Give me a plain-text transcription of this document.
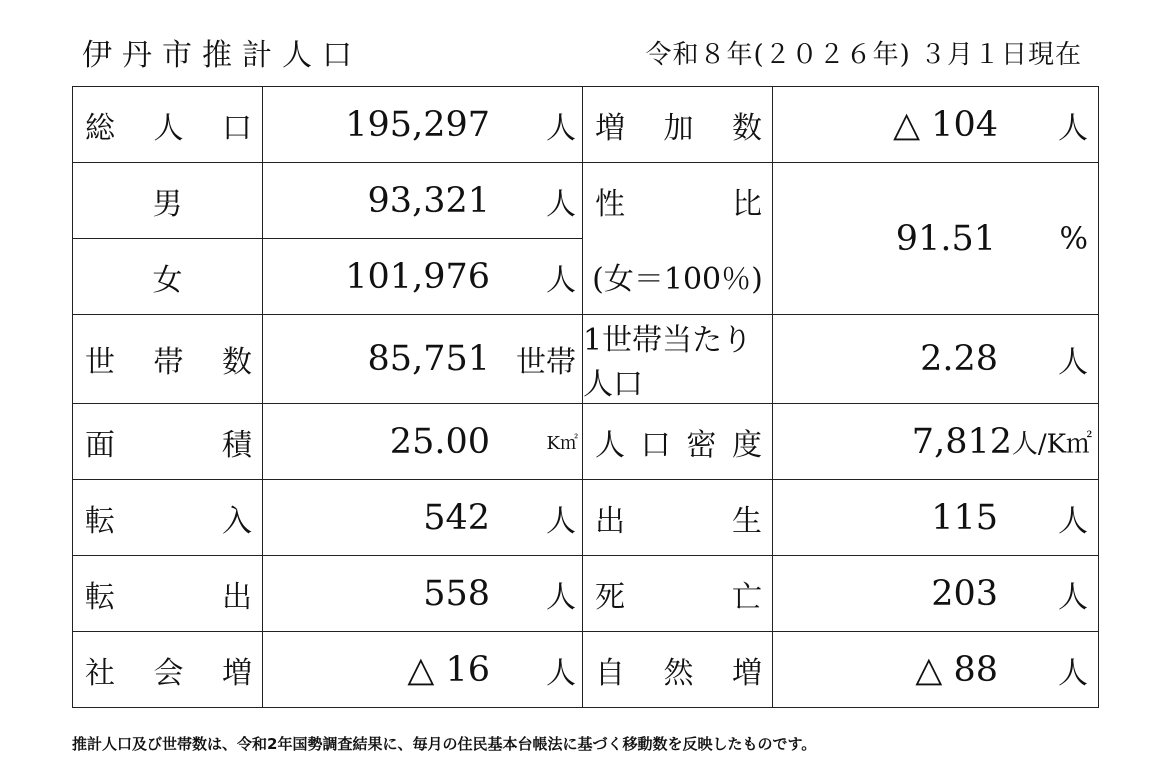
伊丹市推計人口	令和８年(２０２６年) ３月１日現在
総 人 口	195,297 人	増 加 数	△ 104 人

男	93,321 人	性 比	91.51 %

女	101,976 人	(女＝100％)	

世 帯 数	85,751 世帯	1世帯当たり人口	2.28 人

面 積	25.00 K㎡	人 口 密 度	7,812 人/K㎡

転 入	542 人	出 生	115 人

転 出	558 人	死 亡	203 人

社 会 増	△ 16 人	自 然 増	△ 88 人
推計人口及び世帯数は、令和2年国勢調査結果に、毎月の住民基本台帳法に基づく移動数を反映したものです。
